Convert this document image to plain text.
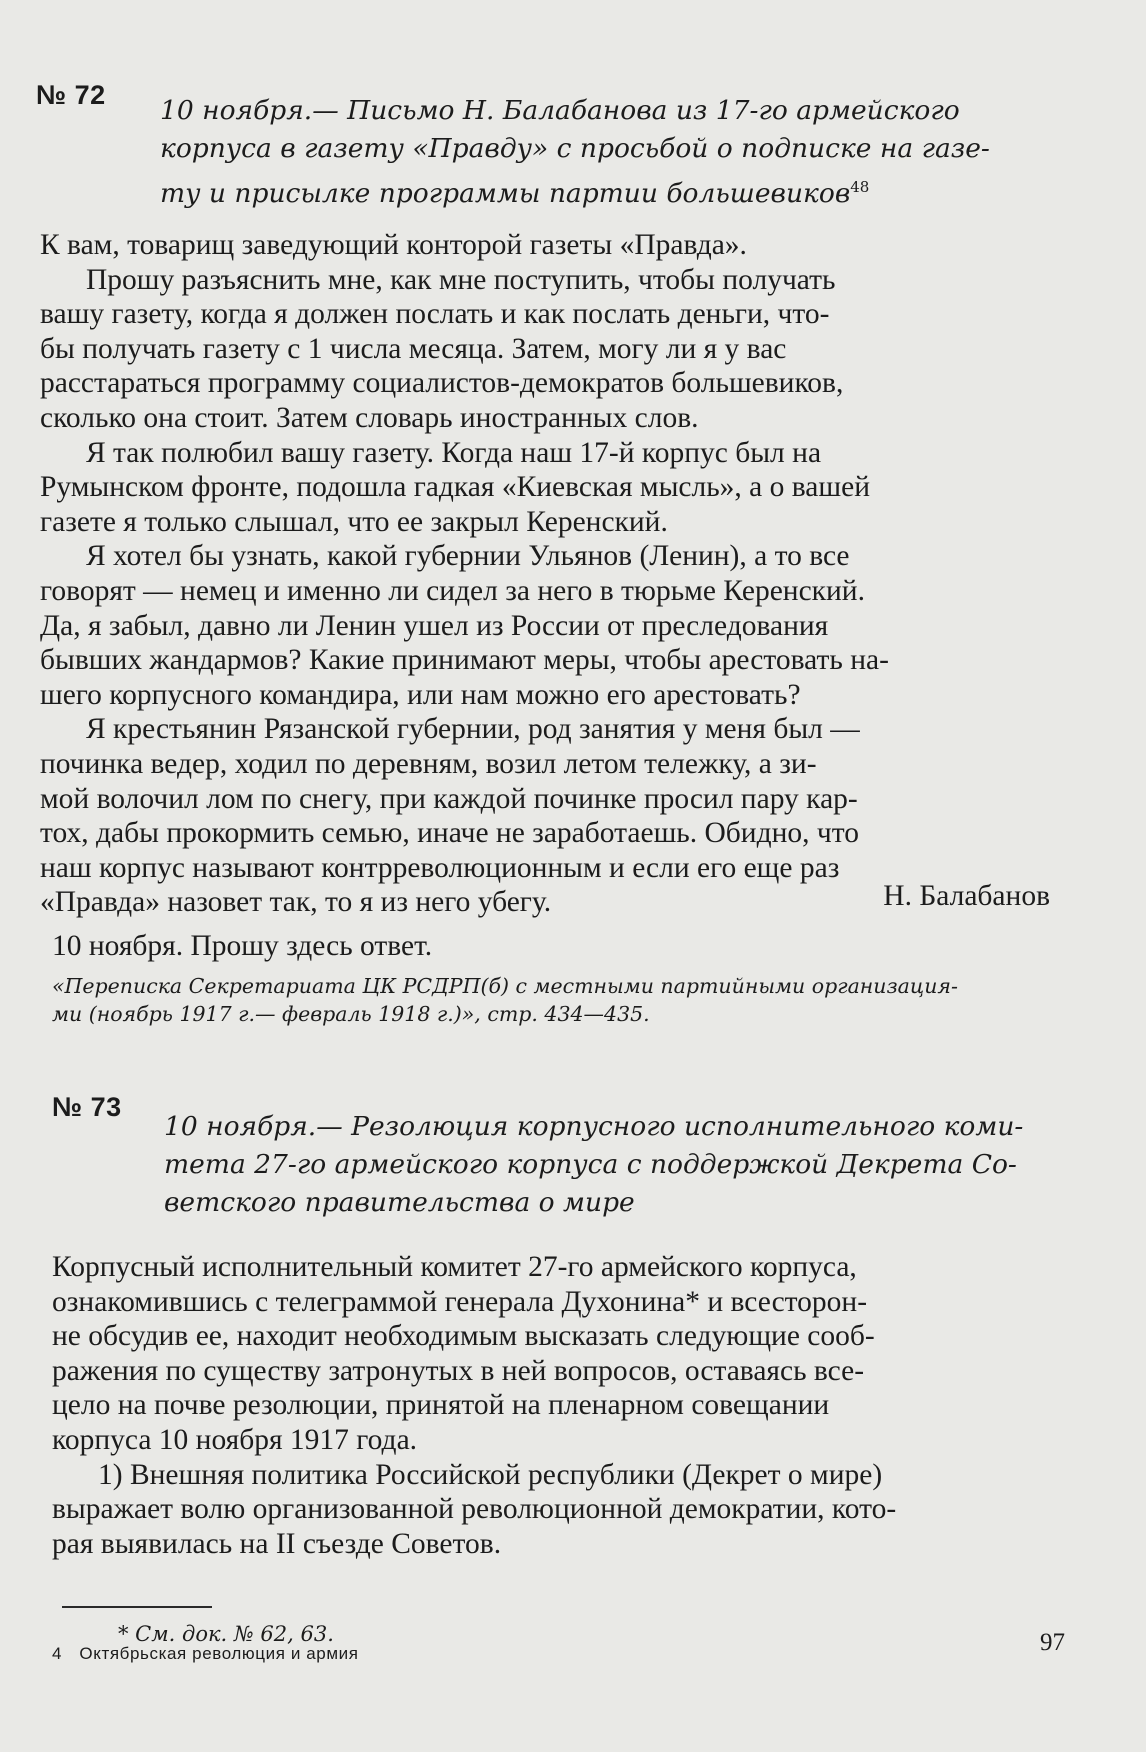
№ 72 10 ноября.— Письмо Н. Балабанова из 17-го армейского

корпуса в газету «Правду» с просьбой о подписке на газе-

ту и присылке программы партии большевиков$^{48}$

К вам, товарищ заведующий конторой газеты «Правда».

Прошу разъяснить мне, как мне поступить, чтобы получать

вашу газету, когда я должен послать и как послать деньги, что-

бы получать газету с 1 числа месяца. Затем, могу ли я у вас

расстараться программу социалистов-демократов большевиков,

сколько она стоит. Затем словарь иностранных слов.

Я так полюбил вашу газету. Когда наш 17-й корпус был на

Румынском фронте, подошла гадкая «Киевская мысль», а о вашей

газете я только слышал, что ее закрыл Керенский.

Я хотел бы узнать, какой губернии Ульянов (Ленин), а то все

говорят — немец и именно ли сидел за него в тюрьме Керенский.

Да, я забыл, давно ли Ленин ушел из России от преследования

бывших жандармов? Какие принимают меры, чтобы арестовать на-

шего корпусного командира, или нам можно его арестовать?

Я крестьянин Рязанской губернии, род занятия у меня был —

починка ведер, ходил по деревням, возил летом тележку, а зи-

мой волочил лом по снегу, при каждой починке просил пару кар-

тох, дабы прокормить семью, иначе не заработаешь. Обидно, что

наш корпус называют контрреволюционным и если его еще раз

«Правда» назовет так, то я из него убегу.	Н. Балабанов
10 ноября. Прошу здесь ответ.

«Переписка Секретариата ЦК РСДРП(б) с местными партийными организация-

ми (ноябрь 1917 г.— февраль 1918 г.)», стр. 434—435.

№ 73

10 ноября.— Резолюция корпусного исполнительного коми-

тета 27-го армейского корпуса с поддержкой Декрета Со-

ветского правительства о мире

Корпусный исполнительный комитет 27-го армейского корпуса,

ознакомившись с телеграммой генерала Духонина* и всесторон-

не обсудив ее, находит необходимым высказать следующие сооб-

ражения по существу затронутых в ней вопросов, оставаясь все-

цело на почве резолюции, принятой на пленарном совещании

корпуса 10 ноября 1917 года.

1) Внешняя политика Российской республики (Декрет о мире)

выражает волю организованной революционной демократии, кото-

рая выявилась на II съезде Советов.

* См. док. № 62, 63.
4 Октябрьская революция и армия	97
